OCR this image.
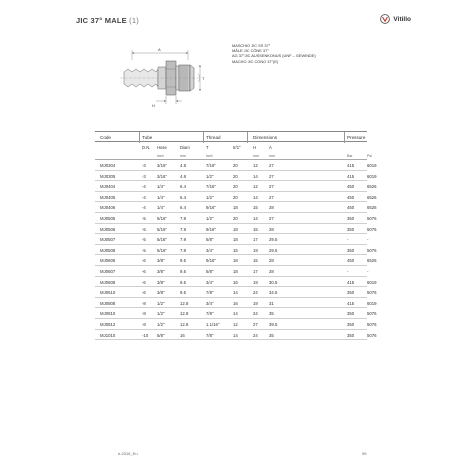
JIC 37° MALE (1)	Vitillo
A
T
H
MASCHIO JIC SS 37°
MÂLE JIC CÔNE 37°
AG 37°JIC AUSSENKONUS (UNF – GEWINDE)
MACHO JIC CONO 37°(E)
Code	Tube	Thread	Dimensions	Pressure
D.N. Hose	Diam	T	tr/1"	H	A
inch	mm	inch	mm	mm	Bar	Psi
MJ0304	-3	3/16"	4.8	7/16"	20	12	27	415	6019
MJ0305	-3	3/16"	4.8	1/2"	20	14	27	415	6019
MJ0404	-4	1/4"	6.4	7/16"	20	12	27	450	6526
MJ0405	-4	1/4"	6.4	1/2"	20	14	27	450	6526
MJ0406	-4	1/4"	6.4	9/16"	18	15	28	450	6526
MJ0505	-5	5/16"	7.9	1/2"	20	14	27	350	5076
MJ0506	-5	5/16"	7.9	9/16"	18	15	28	350	5076
MJ0507	-5	5/16"	7.9	5/8"	18	17	29.5	-	-
MJ0508	-5	5/16"	7.9	3/4"	15	19	29.5	350	5076
MJ0606	-6	3/8"	9.5	9/16"	18	15	28	450	6526
MJ0607	-6	3/8"	9.5	5/8"	18	17	28	-	-
MJ0608	-6	3/8"	9.5	3/4"	16	19	30.5	415	6019
MJ0610	-6	3/8"	9.5	7/8"	14	24	34.5	350	5076
MJ0808	-8	1/2"	12.8	3/4"	16	19	31	415	6019
MJ0810	-8	1/2"	12.8	7/8"	14	24	35	350	5076
MJ0812	-8	1/2"	12.8	1.1/16"	12	27	39.5	350	5076
MJ1010	-10 5/8"	16	7/8"	14	24	35	350	5076
e-2016_Eu	99
